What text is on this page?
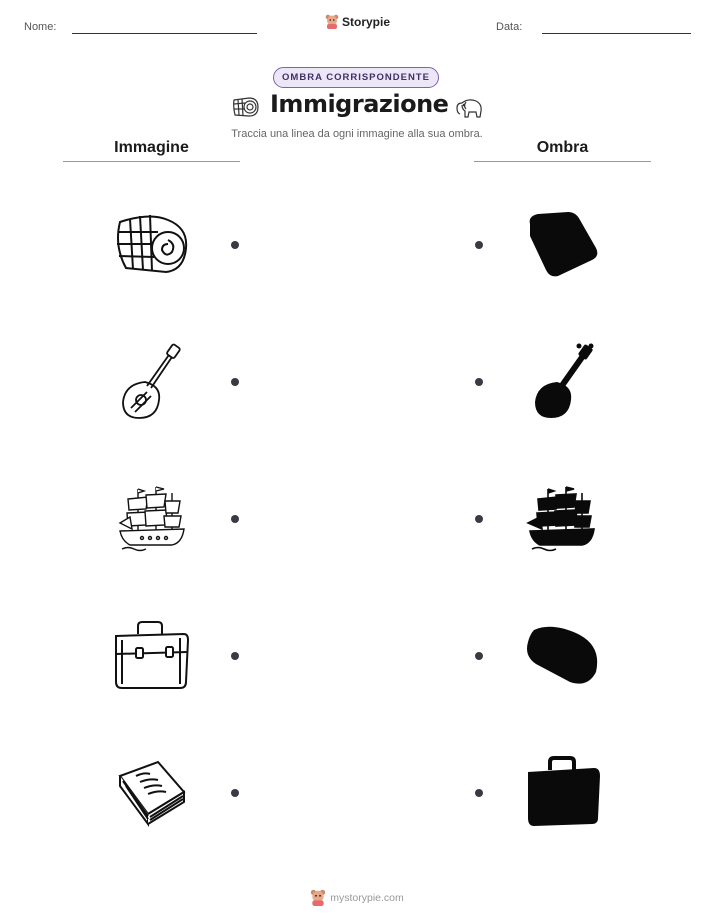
Nome:	Storypie	Data:
OMBRA CORRISPONDENTE
Immigrazione
Traccia una linea da ogni immagine alla sua ombra.
Immagine	Ombra
mystorypie.com
